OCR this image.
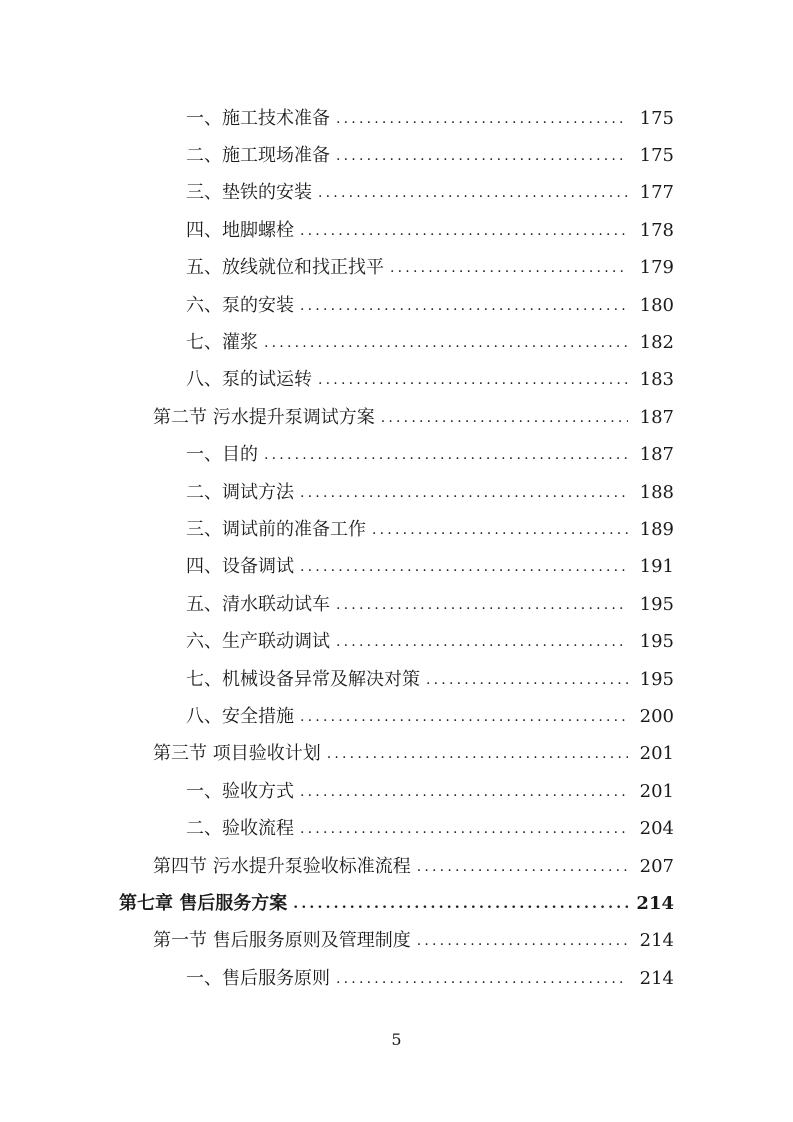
一、施工技术准备 .....	175
二、施工现场准备 .....	175
三、垫铁的安装 .....	177
四、地脚螺栓 .....	178
五、放线就位和找正找平 .....	179
六、泵的安装 .....	180
七、灌浆 .....	182
八、泵的试运转 .....	183
第二节 污水提升泵调试方案 .....	187
一、目的 .....	187
二、调试方法 .....	188
三、调试前的准备工作 .....	189
四、设备调试 .....	191
五、清水联动试车 .....	195
六、生产联动调试 .....	195
七、机械设备异常及解决对策 .....	195
八、安全措施 .....	200
第三节 项目验收计划 .....	201
一、验收方式 .....	201
二、验收流程 .....	204
第四节 污水提升泵验收标准流程 .....	207
第七章 售后服务方案 .....	214
第一节 售后服务原则及管理制度 .....	214
一、售后服务原则 .....	214
5
